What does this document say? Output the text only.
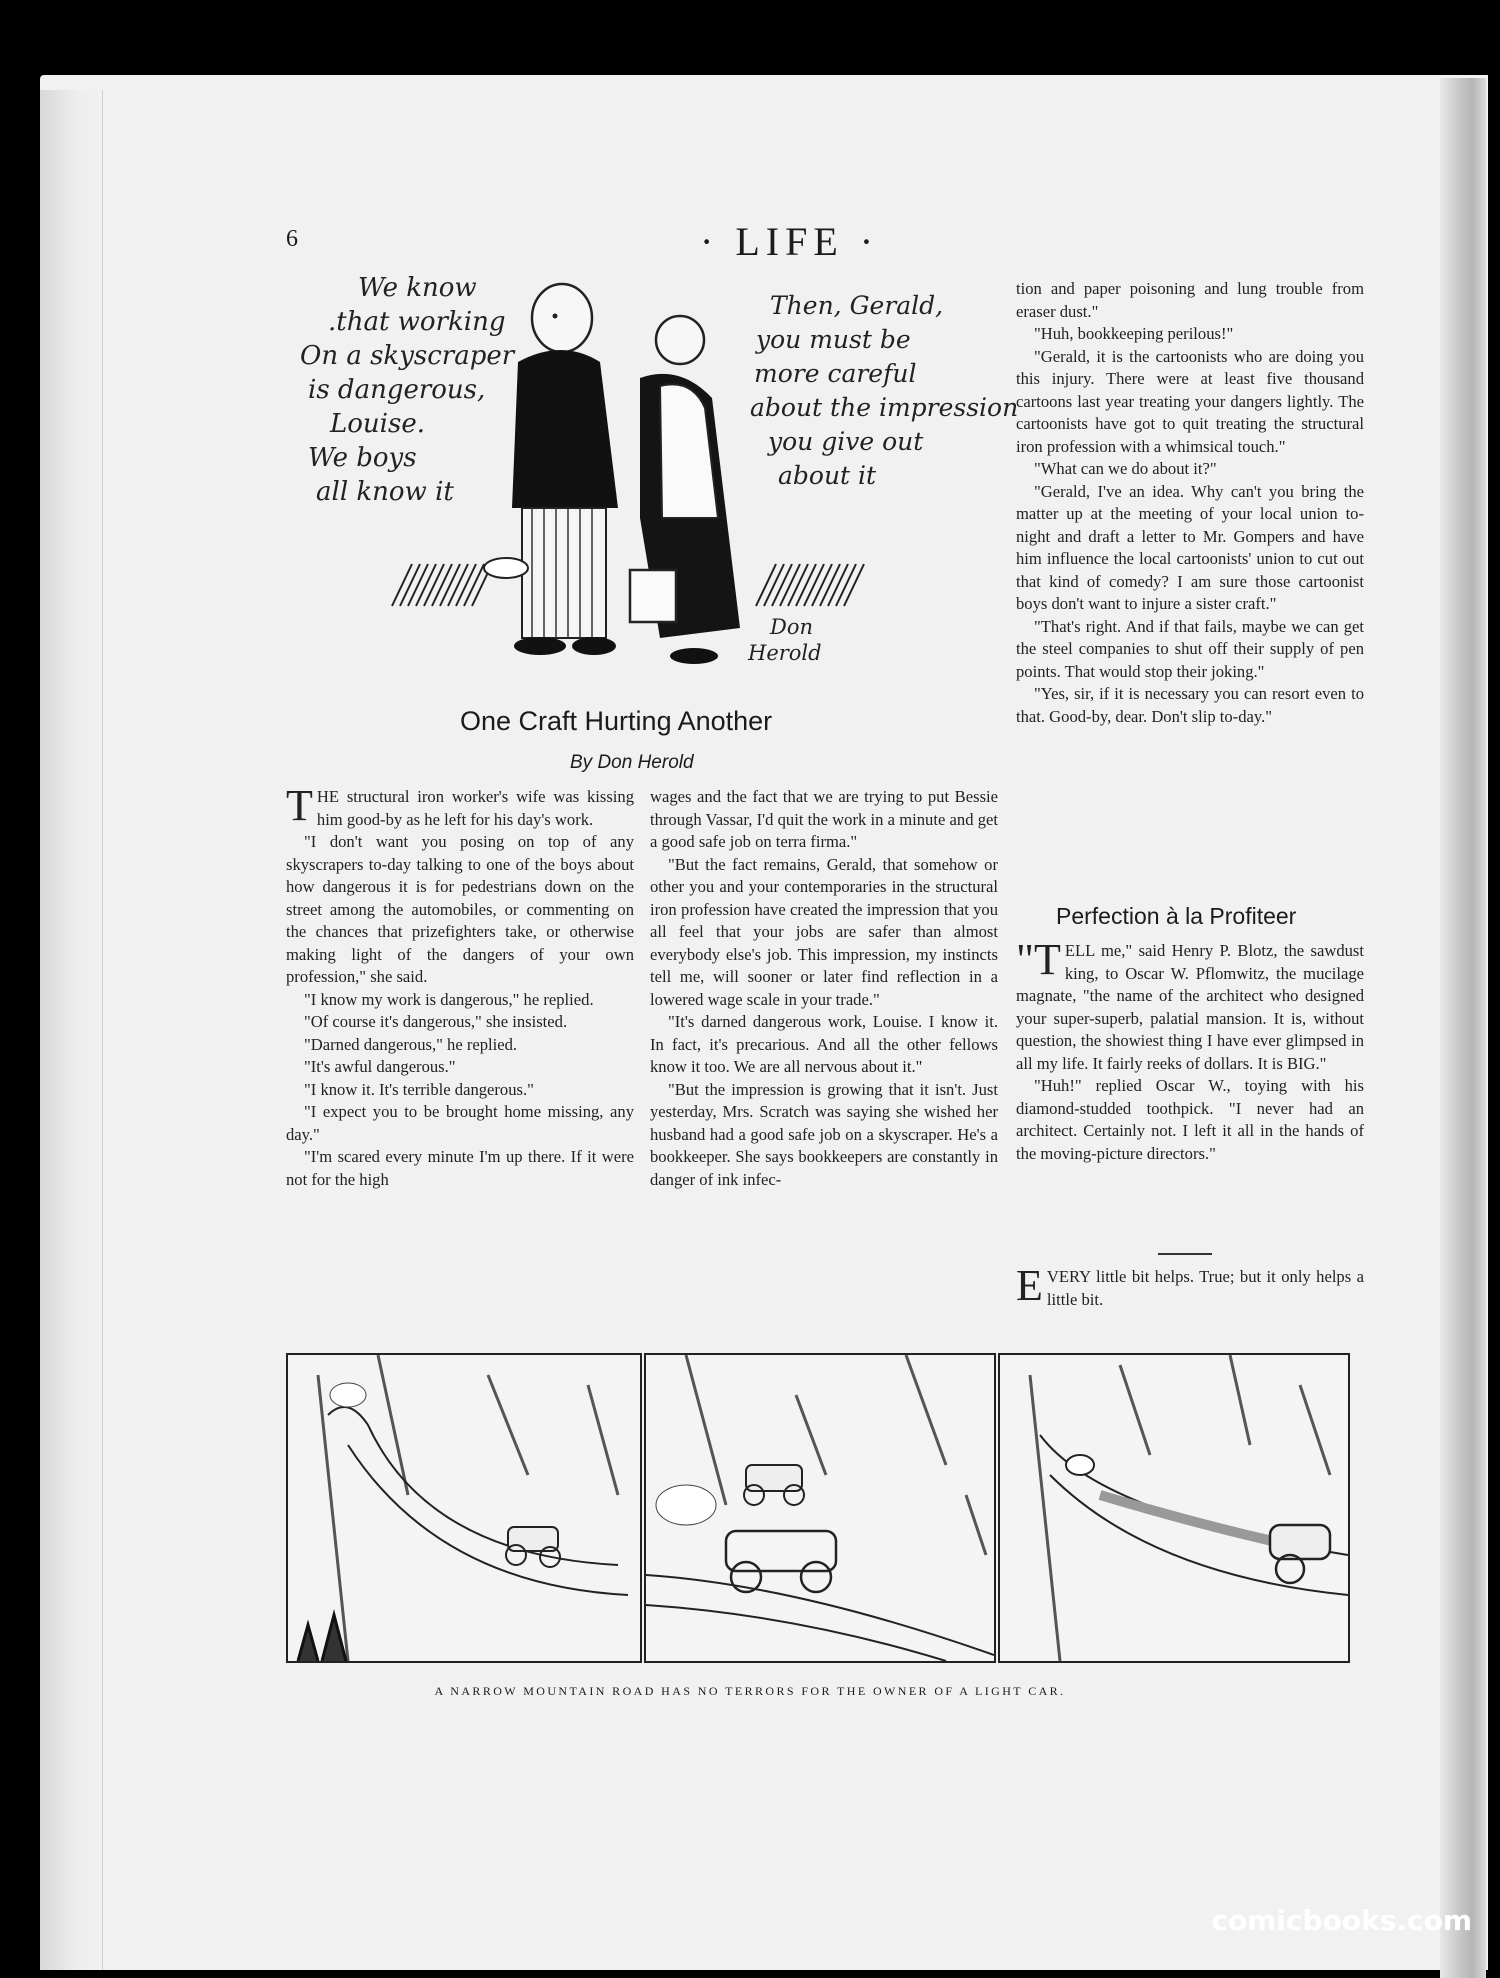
6	· LIFE ·
We know .that working On a skyscraper is dangerous, Louise. We boys all know it
Then, Gerald, you must be more careful about the impression you give out about it
Don Herold
One Craft Hurting Another
By Don Herold

THE structural iron worker's wife was kissing him good-by as he left for his day's work.

"I don't want you posing on top of any skyscrapers to-day talking to one of the boys about how dangerous it is for pedestrians down on the street among the automobiles, or commenting on the chances that prizefighters take, or otherwise making light of the dangers of your own profession," she said.

"I know my work is dangerous," he replied.

"Of course it's dangerous," she insisted.

"Darned dangerous," he replied.

"It's awful dangerous."

"I know it. It's terrible dangerous."

"I expect you to be brought home missing, any day."

"I'm scared every minute I'm up there. If it were not for the high

wages and the fact that we are trying to put Bessie through Vassar, I'd quit the work in a minute and get a good safe job on terra firma."

"But the fact remains, Gerald, that somehow or other you and your contemporaries in the structural iron profession have created the impression that you all feel that your jobs are safer than almost everybody else's job. This impression, my instincts tell me, will sooner or later find reflection in a lowered wage scale in your trade."

"It's darned dangerous work, Louise. I know it. In fact, it's precarious. And all the other fellows know it too. We are all nervous about it."

"But the impression is growing that it isn't. Just yesterday, Mrs. Scratch was saying she wished her husband had a good safe job on a skyscraper. He's a bookkeeper. She says bookkeepers are constantly in danger of ink infec-

tion and paper poisoning and lung trouble from eraser dust."

"Huh, bookkeeping perilous!"

"Gerald, it is the cartoonists who are doing you this injury. There were at least five thousand cartoons last year treating your dangers lightly. The cartoonists have got to quit treating the structural iron profession with a whimsical touch."

"What can we do about it?"

"Gerald, I've an idea. Why can't you bring the matter up at the meeting of your local union to-night and draft a letter to Mr. Gompers and have him influence the local cartoonists' union to cut out that kind of comedy? I am sure those cartoonist boys don't want to injure a sister craft."

"That's right. And if that fails, maybe we can get the steel companies to shut off their supply of pen points. That would stop their joking."

"Yes, sir, if it is necessary you can resort even to that. Good-by, dear. Don't slip to-day."

Perfection à la Profiteer

"TELL me," said Henry P. Blotz, the sawdust king, to Oscar W. Pflomwitz, the mucilage magnate, "the name of the architect who designed your super-superb, palatial mansion. It is, without question, the showiest thing I have ever glimpsed in all my life. It fairly reeks of dollars. It is BIG."

"Huh!" replied Oscar W., toying with his diamond-studded toothpick. "I never had an architect. Certainly not. I left it all in the hands of the moving-picture directors."

EVERY little bit helps. True; but it only helps a little bit.

A NARROW MOUNTAIN ROAD HAS NO TERRORS FOR THE OWNER OF A LIGHT CAR.
comicbooks.com
